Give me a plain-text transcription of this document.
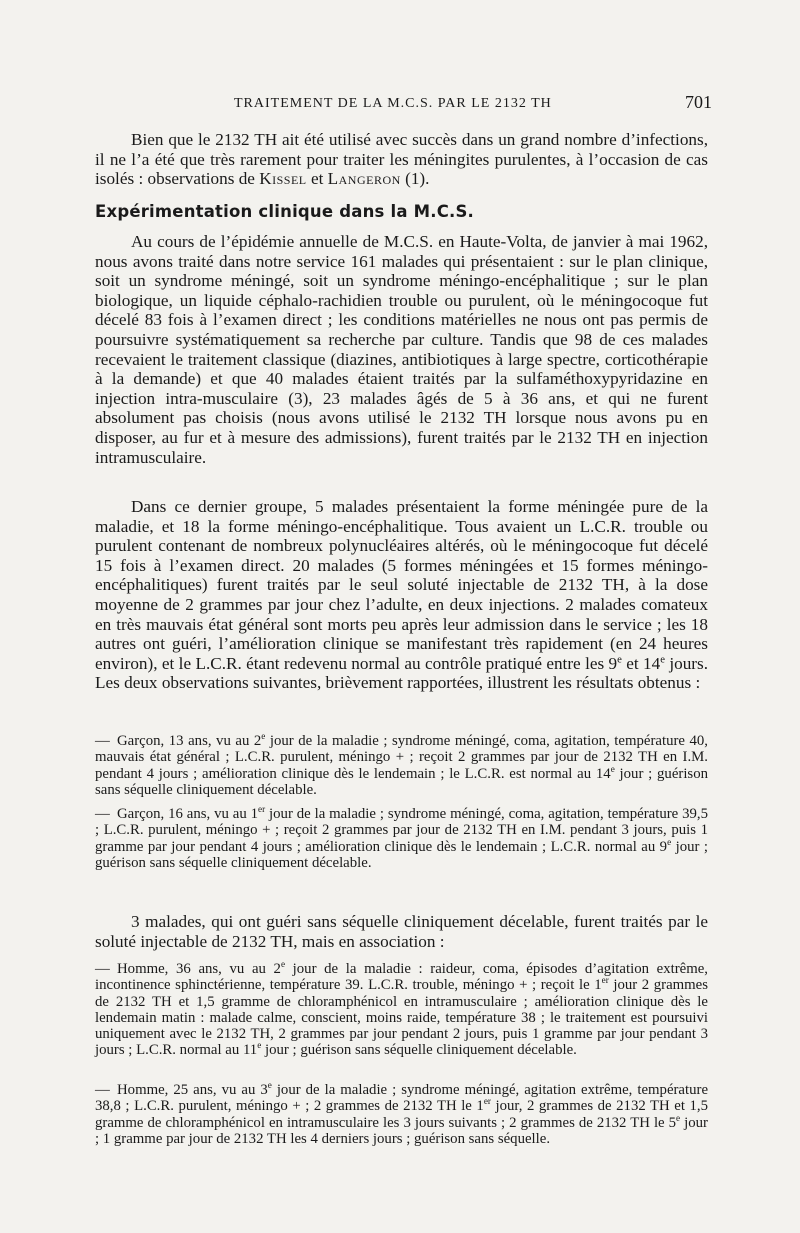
TRAITEMENT DE LA M.C.S. PAR LE 2132 TH	701

Bien que le 2132 TH ait été utilisé avec succès dans un grand nombre d’infections, il ne l’a été que très rarement pour traiter les méningites purulentes, à l’occasion de cas isolés : observations de Kissel et Langeron (1).

Expérimentation clinique dans la M.C.S.

Au cours de l’épidémie annuelle de M.C.S. en Haute-Volta, de janvier à mai 1962, nous avons traité dans notre service 161 malades qui présentaient : sur le plan clinique, soit un syndrome méningé, soit un syndrome méningo-encéphalitique ; sur le plan biologique, un liquide céphalo-rachidien trouble ou purulent, où le méningocoque fut décelé 83 fois à l’examen direct ; les conditions matérielles ne nous ont pas permis de poursuivre systématiquement sa recherche par culture. Tandis que 98 de ces malades recevaient le traitement classique (diazines, antibiotiques à large spectre, corticothérapie à la demande) et que 40 malades étaient traités par la sulfaméthoxypyridazine en injection intra-musculaire (3), 23 malades âgés de 5 à 36 ans, et qui ne furent absolument pas choisis (nous avons utilisé le 2132 TH lorsque nous avons pu en disposer, au fur et à mesure des admissions), furent traités par le 2132 TH en injection intramusculaire.

Dans ce dernier groupe, 5 malades présentaient la forme méningée pure de la maladie, et 18 la forme méningo-encéphalitique. Tous avaient un L.C.R. trouble ou purulent contenant de nombreux polynucléaires altérés, où le méningocoque fut décelé 15 fois à l’examen direct. 20 malades (5 formes méningées et 15 formes méningo-encéphalitiques) furent traités par le seul soluté injectable de 2132 TH, à la dose moyenne de 2 grammes par jour chez l’adulte, en deux injections. 2 malades comateux en très mauvais état général sont morts peu après leur admission dans le service ; les 18 autres ont guéri, l’amélioration clinique se manifestant très rapidement (en 24 heures environ), et le L.C.R. étant redevenu normal au contrôle pratiqué entre les 9e et 14e jours. Les deux observations suivantes, brièvement rapportées, illustrent les résultats obtenus :

— Garçon, 13 ans, vu au 2e jour de la maladie ; syndrome méningé, coma, agitation, température 40, mauvais état général ; L.C.R. purulent, méningo + ; reçoit 2 grammes par jour de 2132 TH en I.M. pendant 4 jours ; amélioration clinique dès le lendemain ; le L.C.R. est normal au 14e jour ; guérison sans séquelle cliniquement décelable.

— Garçon, 16 ans, vu au 1er jour de la maladie ; syndrome méningé, coma, agitation, température 39,5 ; L.C.R. purulent, méningo + ; reçoit 2 grammes par jour de 2132 TH en I.M. pendant 3 jours, puis 1 gramme par jour pendant 4 jours ; amélioration clinique dès le lendemain ; L.C.R. normal au 9e jour ; guérison sans séquelle cliniquement décelable.

3 malades, qui ont guéri sans séquelle cliniquement décelable, furent traités par le soluté injectable de 2132 TH, mais en association :

— Homme, 36 ans, vu au 2e jour de la maladie : raideur, coma, épisodes d’agitation extrême, incontinence sphinctérienne, température 39. L.C.R. trouble, méningo + ; reçoit le 1er jour 2 grammes de 2132 TH et 1,5 gramme de chloramphénicol en intramusculaire ; amélioration clinique dès le lendemain matin : malade calme, conscient, moins raide, température 38 ; le traitement est poursuivi uniquement avec le 2132 TH, 2 grammes par jour pendant 2 jours, puis 1 gramme par jour pendant 3 jours ; L.C.R. normal au 11e jour ; guérison sans séquelle cliniquement décelable.

— Homme, 25 ans, vu au 3e jour de la maladie ; syndrome méningé, agitation extrême, température 38,8 ; L.C.R. purulent, méningo + ; 2 grammes de 2132 TH le 1er jour, 2 grammes de 2132 TH et 1,5 gramme de chloramphénicol en intramusculaire les 3 jours suivants ; 2 grammes de 2132 TH le 5e jour ; 1 gramme par jour de 2132 TH les 4 derniers jours ; guérison sans séquelle.
